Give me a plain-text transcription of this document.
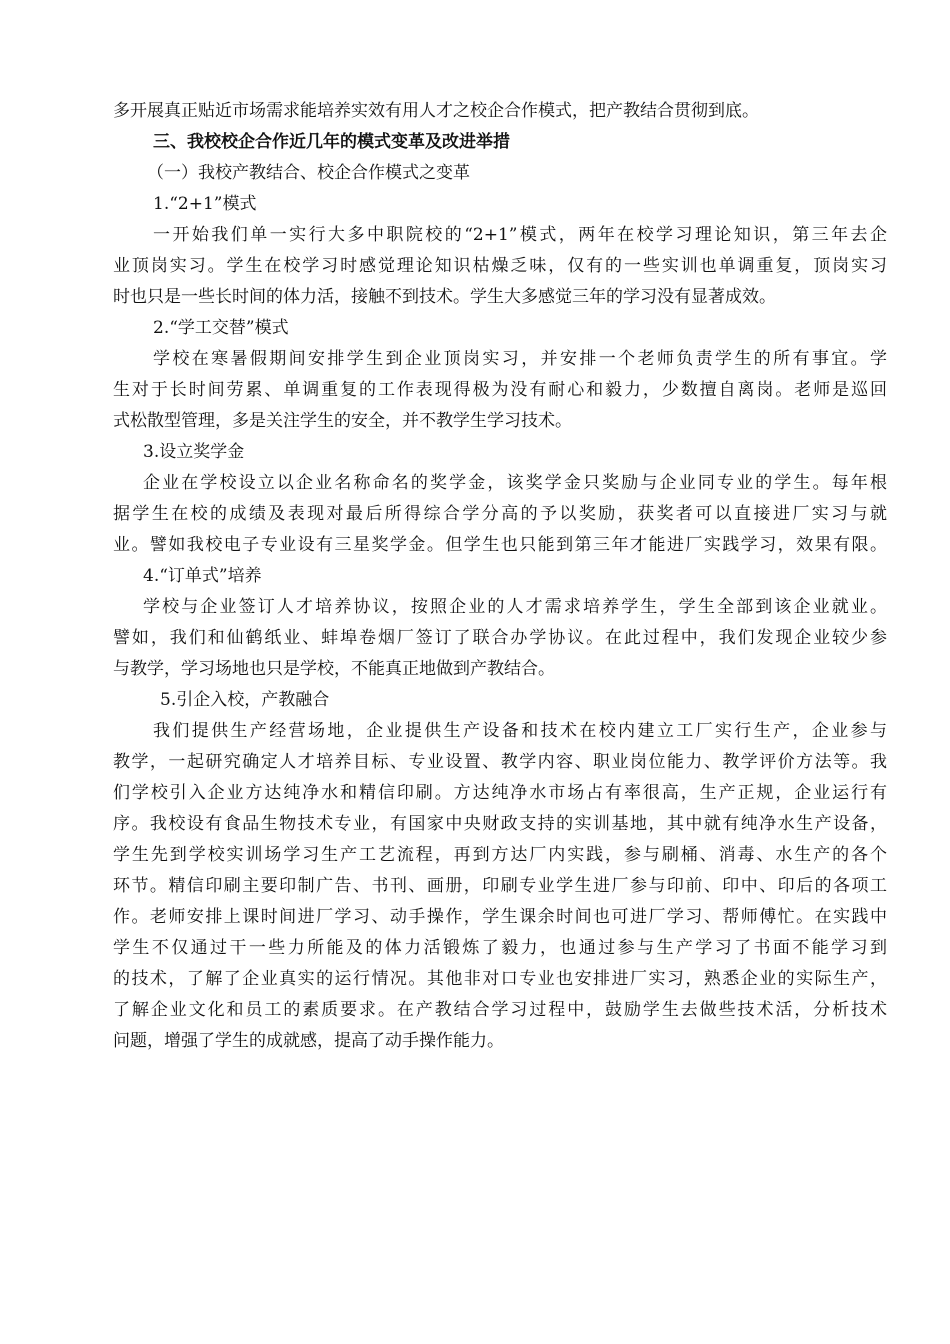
多开展真正贴近市场需求能培养实效有用人才之校企合作模式，把产教结合贯彻到底。
三、我校校企合作近几年的模式变革及改进举措
（一）我校产教结合、校企合作模式之变革
1.“2+1”模式
一开始我们单一实行大多中职院校的“2+1”模式，两年在校学习理论知识，第三年去企
业顶岗实习。学生在校学习时感觉理论知识枯燥乏味，仅有的一些实训也单调重复，顶岗实习
时也只是一些长时间的体力活，接触不到技术。学生大多感觉三年的学习没有显著成效。
2.“学工交替”模式
学校在寒暑假期间安排学生到企业顶岗实习，并安排一个老师负责学生的所有事宜。学
生对于长时间劳累、单调重复的工作表现得极为没有耐心和毅力，少数擅自离岗。老师是巡回
式松散型管理，多是关注学生的安全，并不教学生学习技术。
3.设立奖学金
企业在学校设立以企业名称命名的奖学金，该奖学金只奖励与企业同专业的学生。每年根
据学生在校的成绩及表现对最后所得综合学分高的予以奖励，获奖者可以直接进厂实习与就
业。譬如我校电子专业设有三星奖学金。但学生也只能到第三年才能进厂实践学习，效果有限。
4.“订单式”培养
学校与企业签订人才培养协议，按照企业的人才需求培养学生，学生全部到该企业就业。
譬如，我们和仙鹤纸业、蚌埠卷烟厂签订了联合办学协议。在此过程中，我们发现企业较少参
与教学，学习场地也只是学校，不能真正地做到产教结合。
5.引企入校，产教融合
我们提供生产经营场地，企业提供生产设备和技术在校内建立工厂实行生产，企业参与
教学，一起研究确定人才培养目标、专业设置、教学内容、职业岗位能力、教学评价方法等。我
们学校引入企业方达纯净水和精信印刷。方达纯净水市场占有率很高，生产正规，企业运行有
序。我校设有食品生物技术专业，有国家中央财政支持的实训基地，其中就有纯净水生产设备，
学生先到学校实训场学习生产工艺流程，再到方达厂内实践，参与刷桶、消毒、水生产的各个
环节。精信印刷主要印制广告、书刊、画册，印刷专业学生进厂参与印前、印中、印后的各项工
作。老师安排上课时间进厂学习、动手操作，学生课余时间也可进厂学习、帮师傅忙。在实践中
学生不仅通过干一些力所能及的体力活锻炼了毅力，也通过参与生产学习了书面不能学习到
的技术，了解了企业真实的运行情况。其他非对口专业也安排进厂实习，熟悉企业的实际生产，
了解企业文化和员工的素质要求。在产教结合学习过程中，鼓励学生去做些技术活，分析技术
问题，增强了学生的成就感，提高了动手操作能力。
